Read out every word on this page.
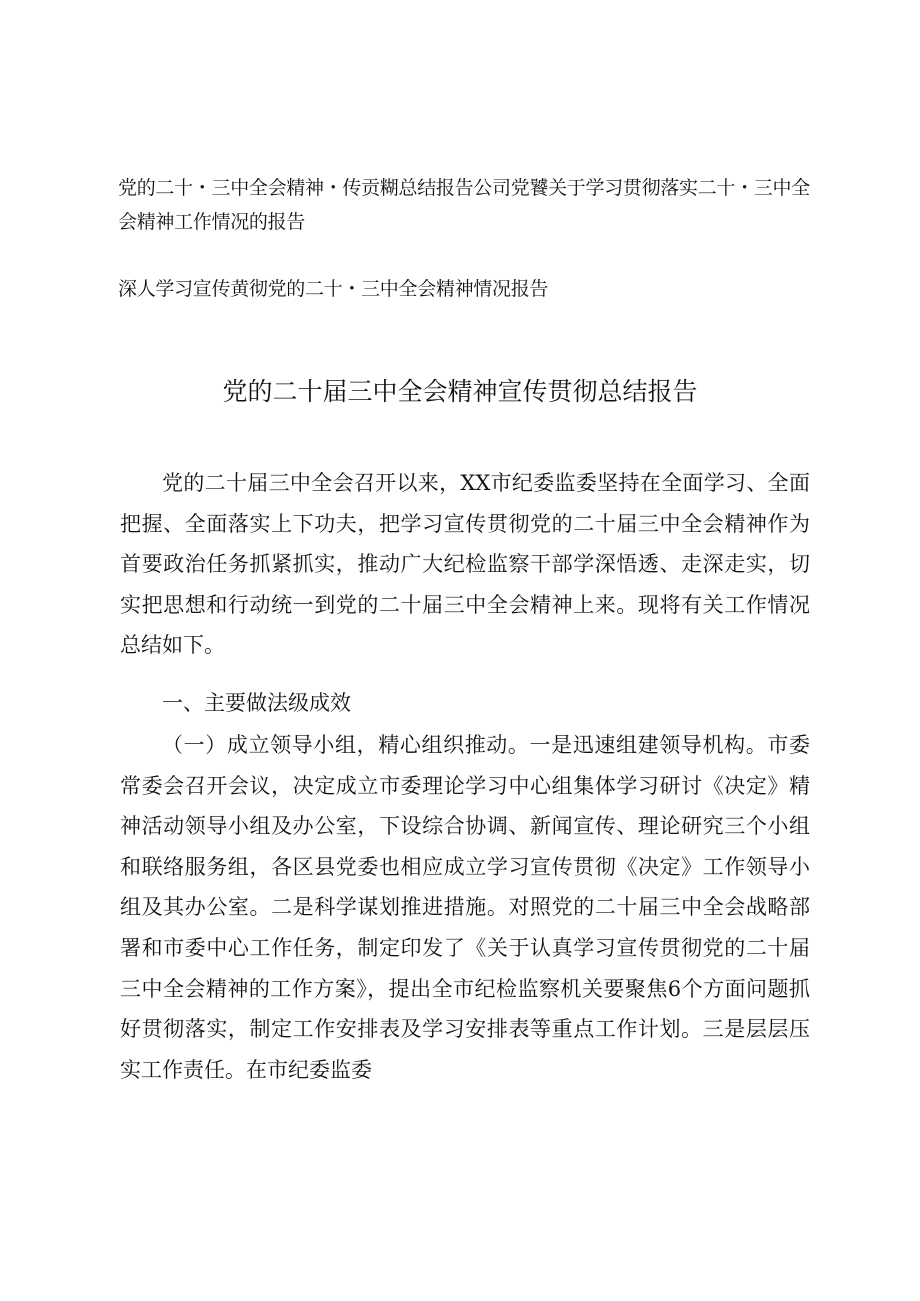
党的二十・三中全会精神・传贡糊总结报告公司党饕关于学习贯彻落实二十・三中全
会精神工作情况的报告
深人学习宣传黄彻党的二十・三中全会精神情况报告
党的二十届三中全会精神宣传贯彻总结报告

党的二十届三中全会召开以来，XX市纪委监委坚持在全面学习、全面把握、全面落实上下功夫，把学习宣传贯彻党的二十届三中全会精神作为首要政治任务抓紧抓实，推动广大纪检监察干部学深悟透、走深走实，切实把思想和行动统一到党的二十届三中全会精神上来。现将有关工作情况总结如下。

一、主要做法级成效

（一）成立领导小组，精心组织推动。一是迅速组建领导机构。市委常委会召开会议，决定成立市委理论学习中心组集体学习研讨《决定》精神活动领导小组及办公室，下设综合协调、新闻宣传、理论研究三个小组和联络服务组，各区县党委也相应成立学习宣传贯彻《决定》工作领导小组及其办公室。二是科学谋划推进措施。对照党的二十届三中全会战略部署和市委中心工作任务，制定印发了《关于认真学习宣传贯彻党的二十届三中全会精神的工作方案》，提出全市纪检监察机关要聚焦6个方面问题抓好贯彻落实，制定工作安排表及学习安排表等重点工作计划。三是层层压实工作责任。在市纪委监委
